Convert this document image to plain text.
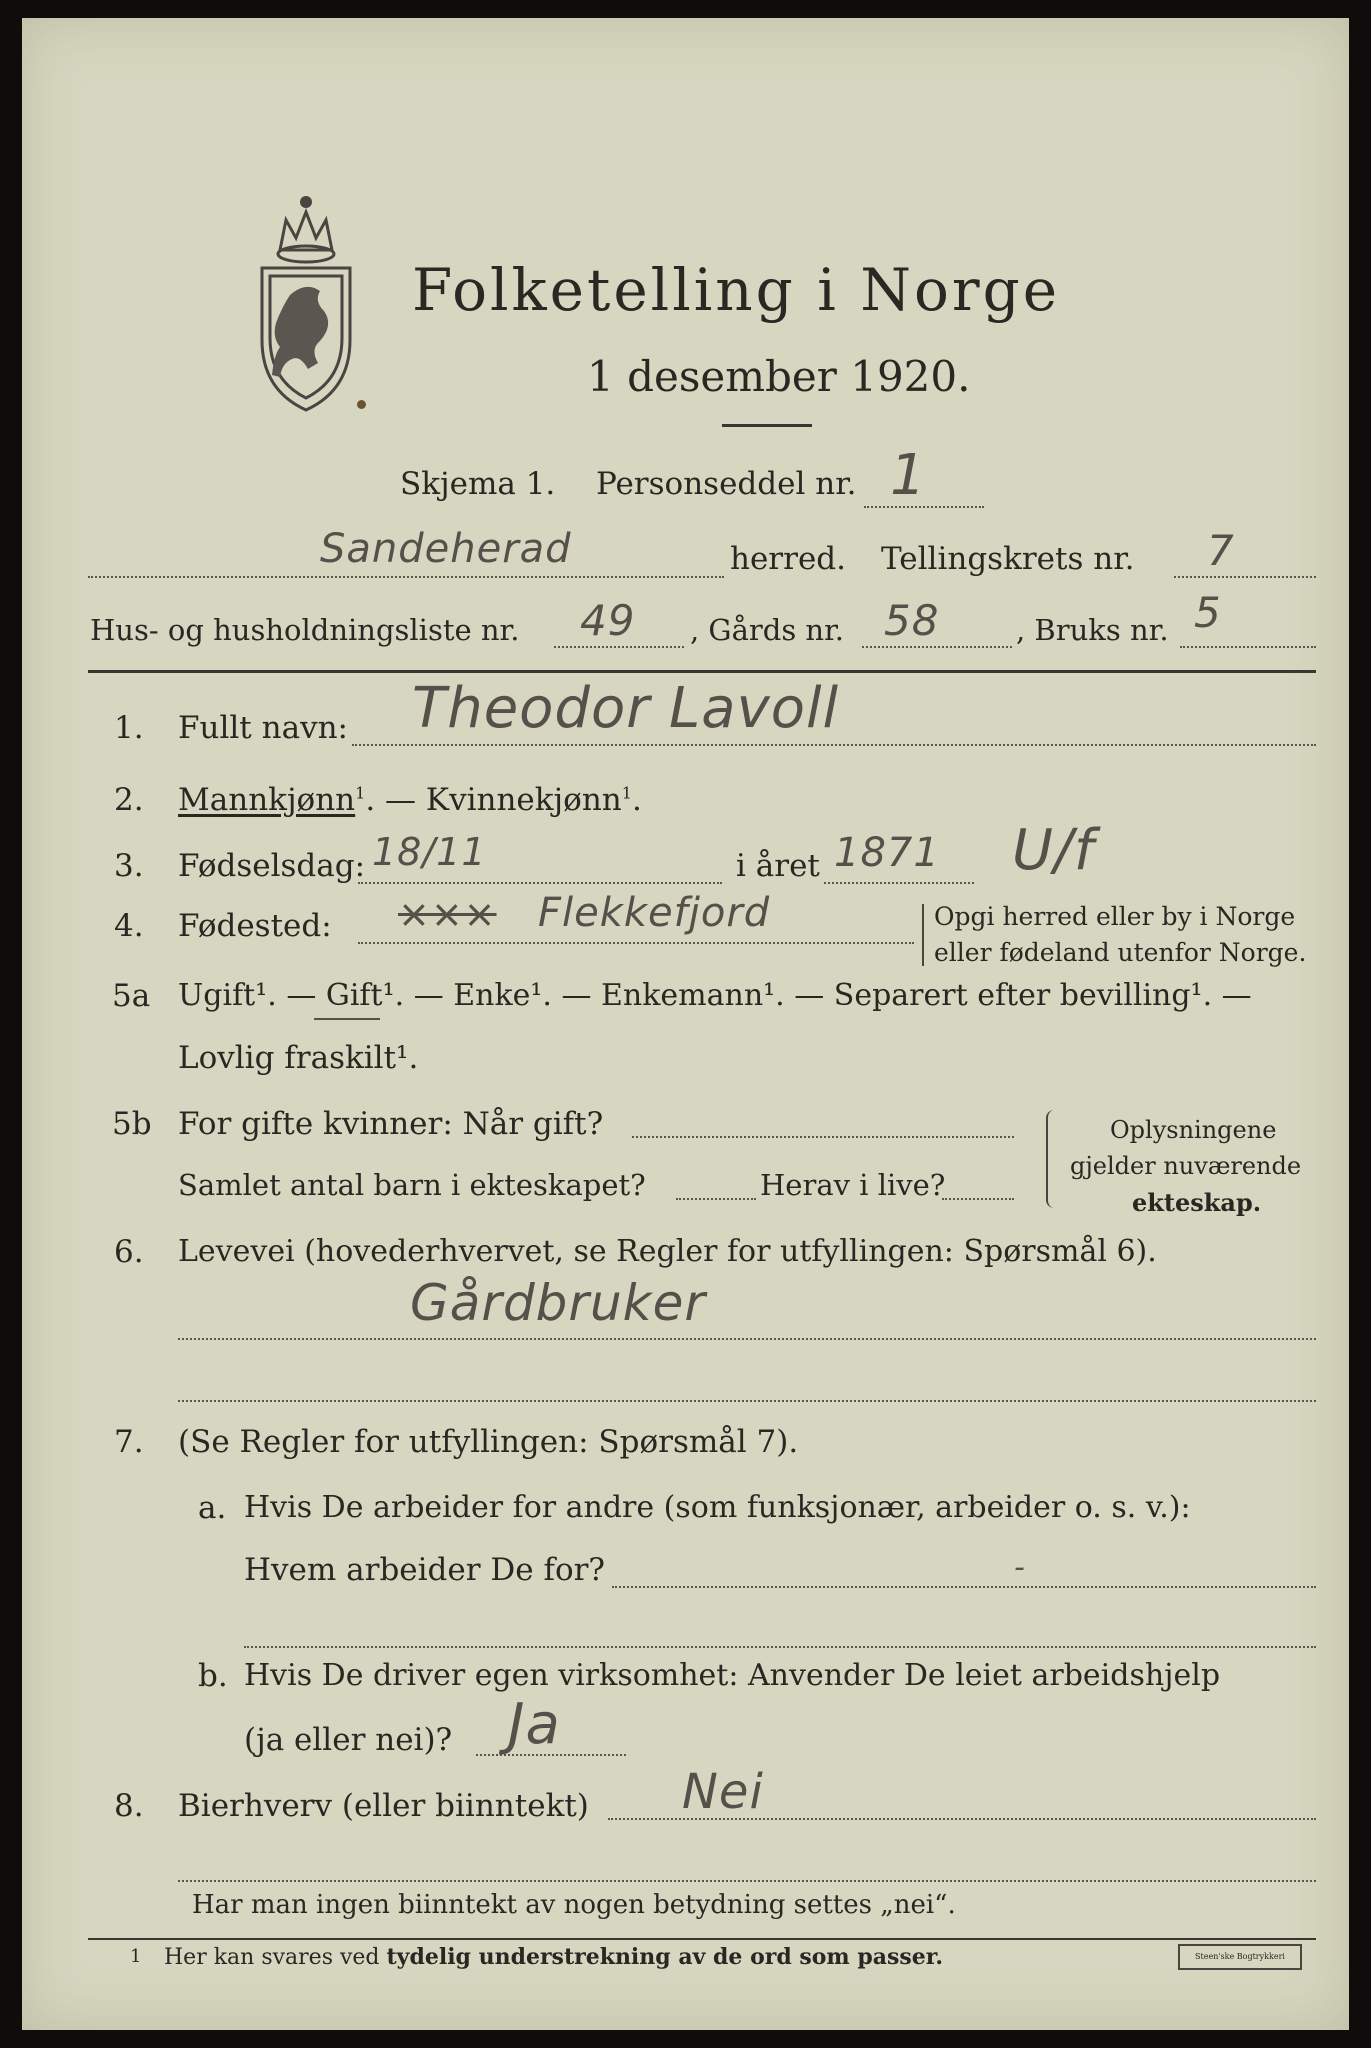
Folketelling i Norge
1 desember 1920.
Skjema 1. Personseddel nr. 1
Sandeherad	herred. Tellingskrets nr. 7
Hus- og husholdningsliste nr. 49 , Gårds nr. 58	, Bruks nr. 5
1. Fullt navn: Theodor Lavoll
2. Mannkjønn$^1$. — Kvinnekjønn$^1$.
3. Fødselsdag: 18/11	i året 1871 U/f
4. Fødested: ××× Flekkefjord	Opgi herred eller by i Norge
eller fødeland utenfor Norge.
5a Ugift¹. — Gift¹. — Enke¹. — Enkemann¹. — Separert efter bevilling¹. —
Lovlig fraskilt¹.
5b For gifte kvinner: Når gift?
Samlet antal barn i ekteskapet?	Herav i live?
Oplysningene
gjelder nuværende
ekteskap.
6. Levevei (hovederhvervet, se Regler for utfyllingen: Spørsmål 6).
Gårdbruker
7. (Se Regler for utfyllingen: Spørsmål 7).
a. Hvis De arbeider for andre (som funksjonær, arbeider o. s. v.):
Hvem arbeider De for?	-
b. Hvis De driver egen virksomhet: Anvender De leiet arbeidshjelp
(ja eller nei)? Ja
8. Bierhverv (eller biinntekt) Nei
Har man ingen biinntekt av nogen betydning settes „nei“.
1 Her kan svares ved tydelig understrekning av de ord som passer.	Steen'ske Bogtrykkeri
